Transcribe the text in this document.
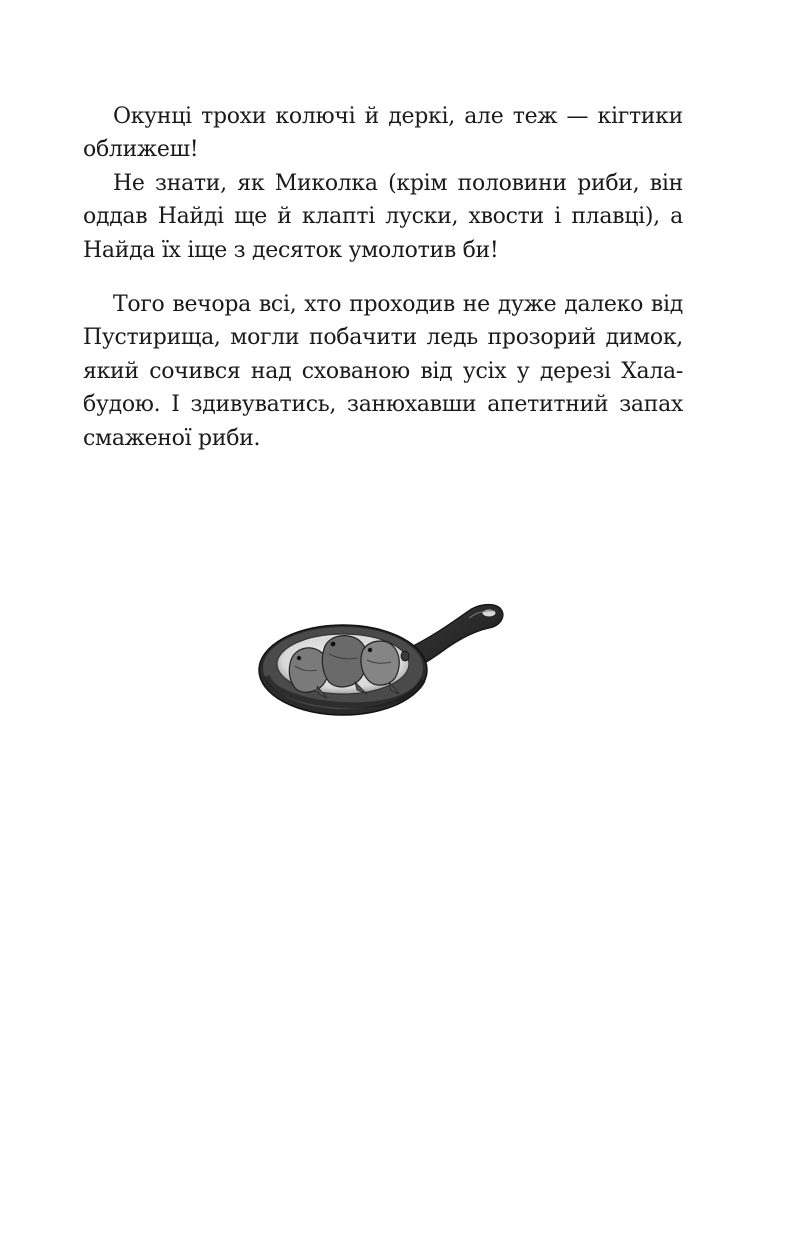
Окунці трохи колючі й деркі, але теж — кігтики
оближеш!

Не знати, як Миколка (крім половини риби, він
оддав Найді ще й клапті луски, хвости і плавці), а
Найда їх іще з десяток умолотив би!

Того вечора всі, хто проходив не дуже далеко від
Пустирища, могли побачити ледь прозорий димок,
який сочився над схованою від усіх у дерезі Хала-
будою. І здивуватись, занюхавши апетитний запах
смаженої риби.
